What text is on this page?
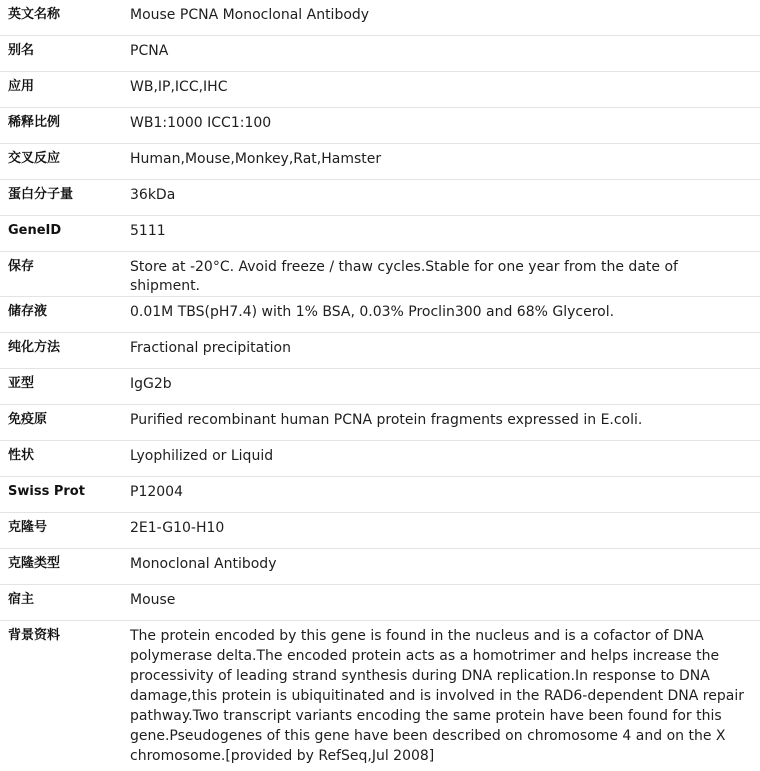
英文名称	Mouse PCNA Monoclonal Antibody
别名	PCNA
应用	WB,IP,ICC,IHC
稀释比例	WB1:1000 ICC1:100
交叉反应	Human,Mouse,Monkey,Rat,Hamster
蛋白分子量	36kDa
GeneID	5111
保存	Store at -20°C. Avoid freeze / thaw cycles.Stable for one year from the date of shipment.
储存液	0.01M TBS(pH7.4) with 1% BSA, 0.03% Proclin300 and 68% Glycerol.
纯化方法	Fractional precipitation
亚型	IgG2b
免疫原	Purified recombinant human PCNA protein fragments expressed in E.coli.
性状	Lyophilized or Liquid
Swiss Prot	P12004
克隆号	2E1-G10-H10
克隆类型	Monoclonal Antibody
宿主	Mouse
背景资料	The protein encoded by this gene is found in the nucleus and is a cofactor of DNA polymerase delta.The encoded protein acts as a homotrimer and helps increase the processivity of leading strand synthesis during DNA replication.In response to DNA damage,this protein is ubiquitinated and is involved in the RAD6-dependent DNA repair pathway.Two transcript variants encoding the same protein have been found for this gene.Pseudogenes of this gene have been described on chromosome 4 and on the X chromosome.[provided by RefSeq,Jul 2008]
